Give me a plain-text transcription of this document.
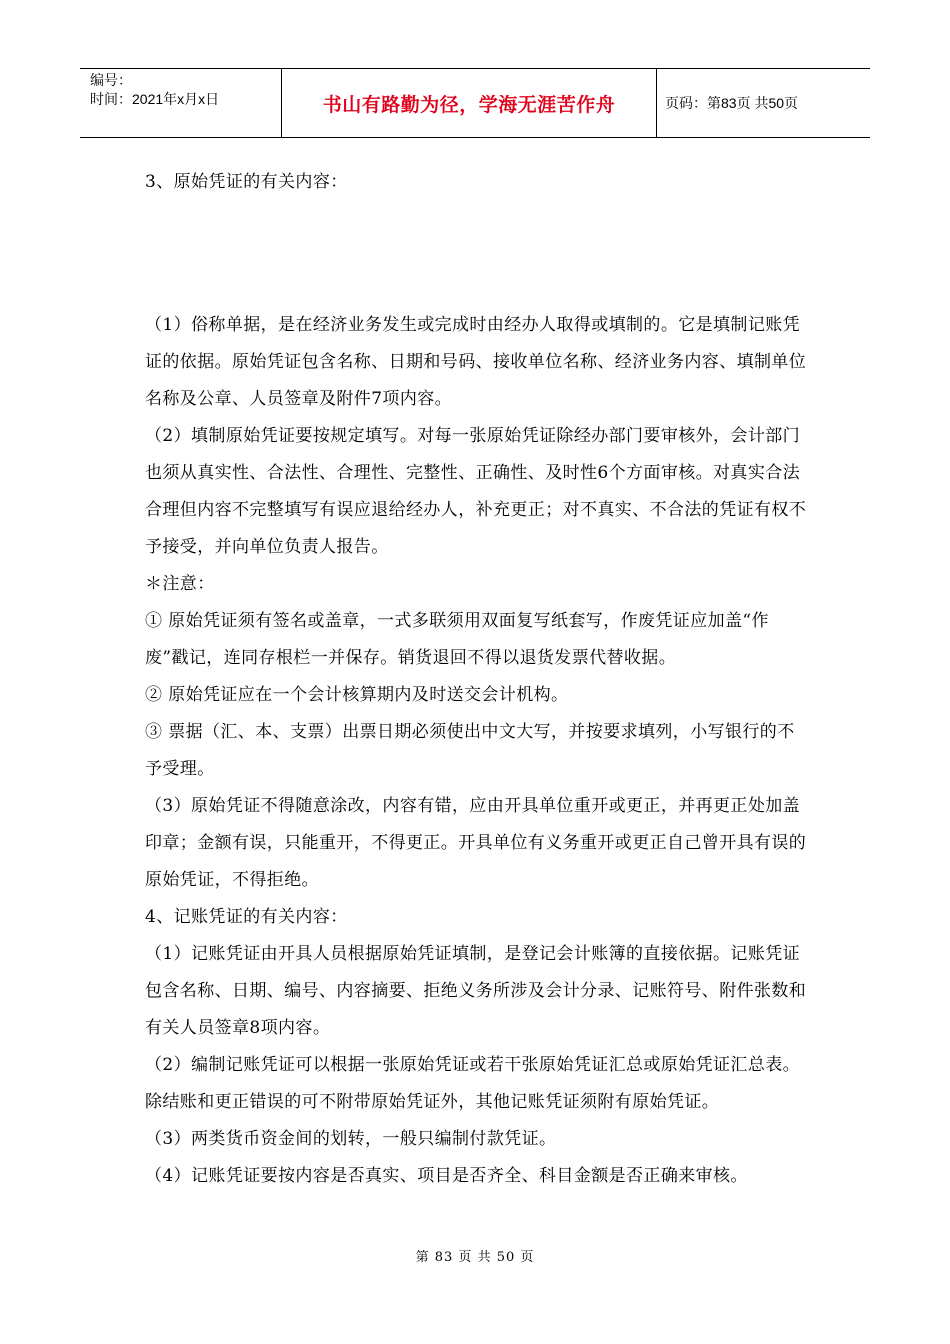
编号：
时间：2021年x月x日	书山有路勤为径，学海无涯苦作舟	页码：第83页 共50页

3、原始凭证的有关内容：

（1）俗称单据，是在经济业务发生或完成时由经办人取得或填制的。它是填制记账凭证的依据。原始凭证包含名称、日期和号码、接收单位名称、经济业务内容、填制单位名称及公章、人员签章及附件7项内容。

（2）填制原始凭证要按规定填写。对每一张原始凭证除经办部门要审核外，会计部门也须从真实性、合法性、合理性、完整性、正确性、及时性6个方面审核。对真实合法合理但内容不完整填写有误应退给经办人，补充更正；对不真实、不合法的凭证有权不予接受，并向单位负责人报告。

＊注意：

① 原始凭证须有签名或盖章，一式多联须用双面复写纸套写，作废凭证应加盖“作废”戳记，连同存根栏一并保存。销货退回不得以退货发票代替收据。

② 原始凭证应在一个会计核算期内及时送交会计机构。

③ 票据（汇、本、支票）出票日期必须使出中文大写，并按要求填列，小写银行的不予受理。

（3）原始凭证不得随意涂改，内容有错，应由开具单位重开或更正，并再更正处加盖印章；金额有误，只能重开，不得更正。开具单位有义务重开或更正自己曾开具有误的原始凭证，不得拒绝。

4、记账凭证的有关内容：

（1）记账凭证由开具人员根据原始凭证填制，是登记会计账簿的直接依据。记账凭证包含名称、日期、编号、内容摘要、拒绝义务所涉及会计分录、记账符号、附件张数和有关人员签章8项内容。

（2）编制记账凭证可以根据一张原始凭证或若干张原始凭证汇总或原始凭证汇总表。除结账和更正错误的可不附带原始凭证外，其他记账凭证须附有原始凭证。

（3）两类货币资金间的划转，一般只编制付款凭证。

（4）记账凭证要按内容是否真实、项目是否齐全、科目金额是否正确来审核。

第 83 页 共 50 页
